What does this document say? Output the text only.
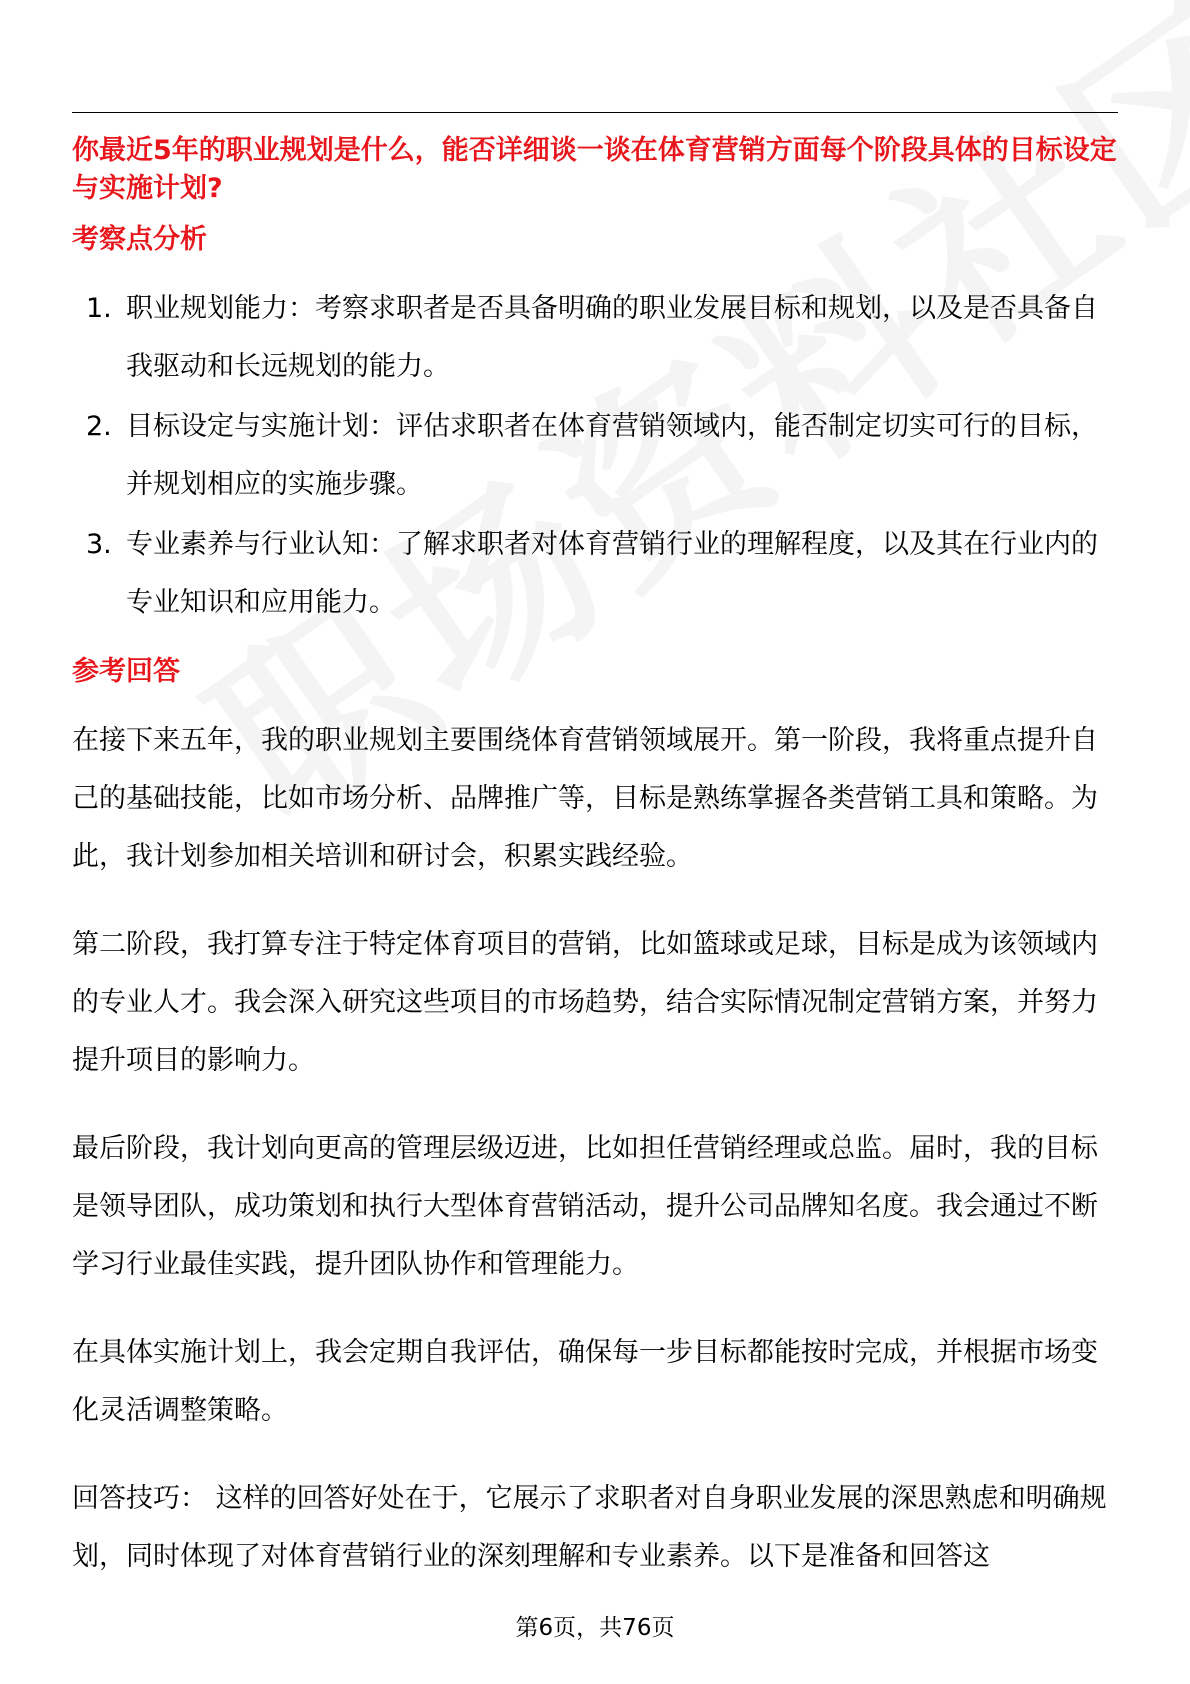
你最近5年的职业规划是什么，能否详细谈一谈在体育营销方面每个阶段具体的目标设定与实施计划?
考察点分析
1. 职业规划能力：考察求职者是否具备明确的职业发展目标和规划，以及是否具备自我驱动和长远规划的能力。
2. 目标设定与实施计划：评估求职者在体育营销领域内，能否制定切实可行的目标，并规划相应的实施步骤。
3. 专业素养与行业认知：了解求职者对体育营销行业的理解程度，以及其在行业内的专业知识和应用能力。
参考回答

在接下来五年，我的职业规划主要围绕体育营销领域展开。第一阶段，我将重点提升自己的基础技能，比如市场分析、品牌推广等，目标是熟练掌握各类营销工具和策略。为此，我计划参加相关培训和研讨会，积累实践经验。

第二阶段，我打算专注于特定体育项目的营销，比如篮球或足球，目标是成为该领域内的专业人才。我会深入研究这些项目的市场趋势，结合实际情况制定营销方案，并努力提升项目的影响力。

最后阶段，我计划向更高的管理层级迈进，比如担任营销经理或总监。届时，我的目标是领导团队，成功策划和执行大型体育营销活动，提升公司品牌知名度。我会通过不断学习行业最佳实践，提升团队协作和管理能力。

在具体实施计划上，我会定期自我评估，确保每一步目标都能按时完成，并根据市场变化灵活调整策略。

回答技巧： 这样的回答好处在于，它展示了求职者对自身职业发展的深思熟虑和明确规划，同时体现了对体育营销行业的深刻理解和专业素养。以下是准备和回答这

第6页，共76页
